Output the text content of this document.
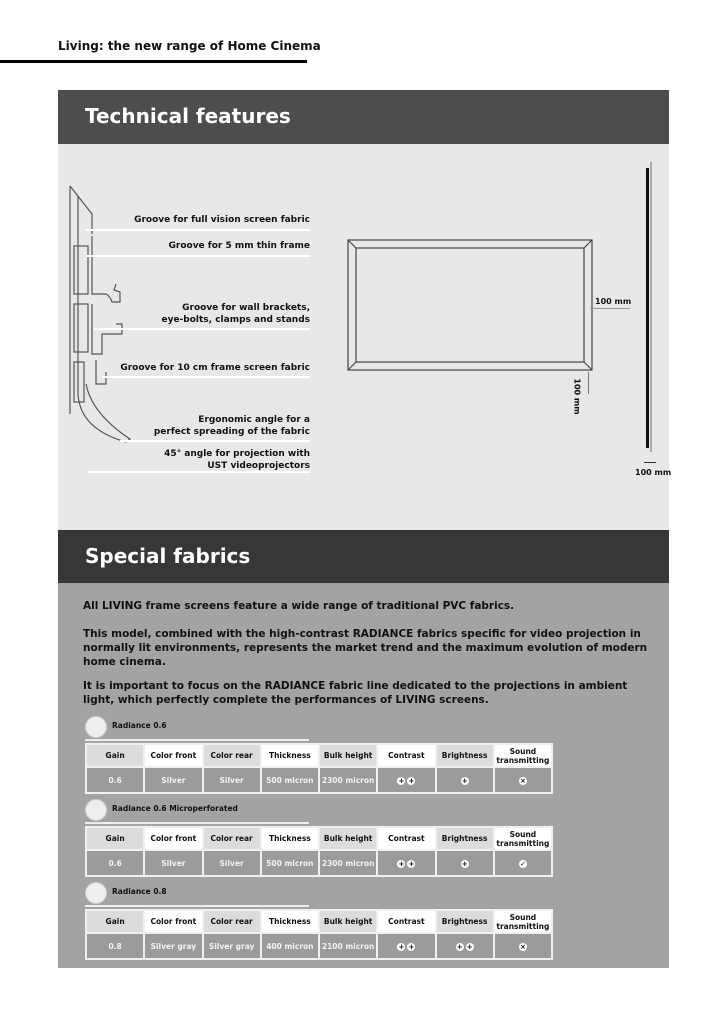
Living: the new range of Home Cinema
Technical features
Groove for full vision screen fabric
Groove for 5 mm thin frame
Groove for wall brackets,
eye-bolts, clamps and stands
Groove for 10 cm frame screen fabric
Ergonomic angle for a
perfect spreading of the fabric
45° angle for projection with
UST videoprojectors
100 mm
100 mm
100 mm
Special fabrics
All LIVING frame screens feature a wide range of traditional PVC fabrics.
This model, combined with the high-contrast RADIANCE fabrics specific for video projection in normally lit environments, represents the market trend and the maximum evolution of modern home cinema.
It is important to focus on the RADIANCE fabric line dedicated to the projections in ambient light, which perfectly complete the performances of LIVING screens.
Radiance 0.6
Gain	Color front	Color rear	Thickness	Bulk height	Contrast	Brightness	Sound transmitting
0.6	Silver	Silver	500 micron	2300 micron	+ +	+	×
Radiance 0.6 Microperforated
Gain	Color front	Color rear	Thickness	Bulk height	Contrast	Brightness	Sound transmitting
0.6	Silver	Silver	500 micron	2300 micron	+ +	+	✓
Radiance 0.8
Gain	Color front	Color rear	Thickness	Bulk height	Contrast	Brightness	Sound transmitting
0.8	Silver gray	Silver gray	400 micron	2100 micron	+ +	+ +	×
